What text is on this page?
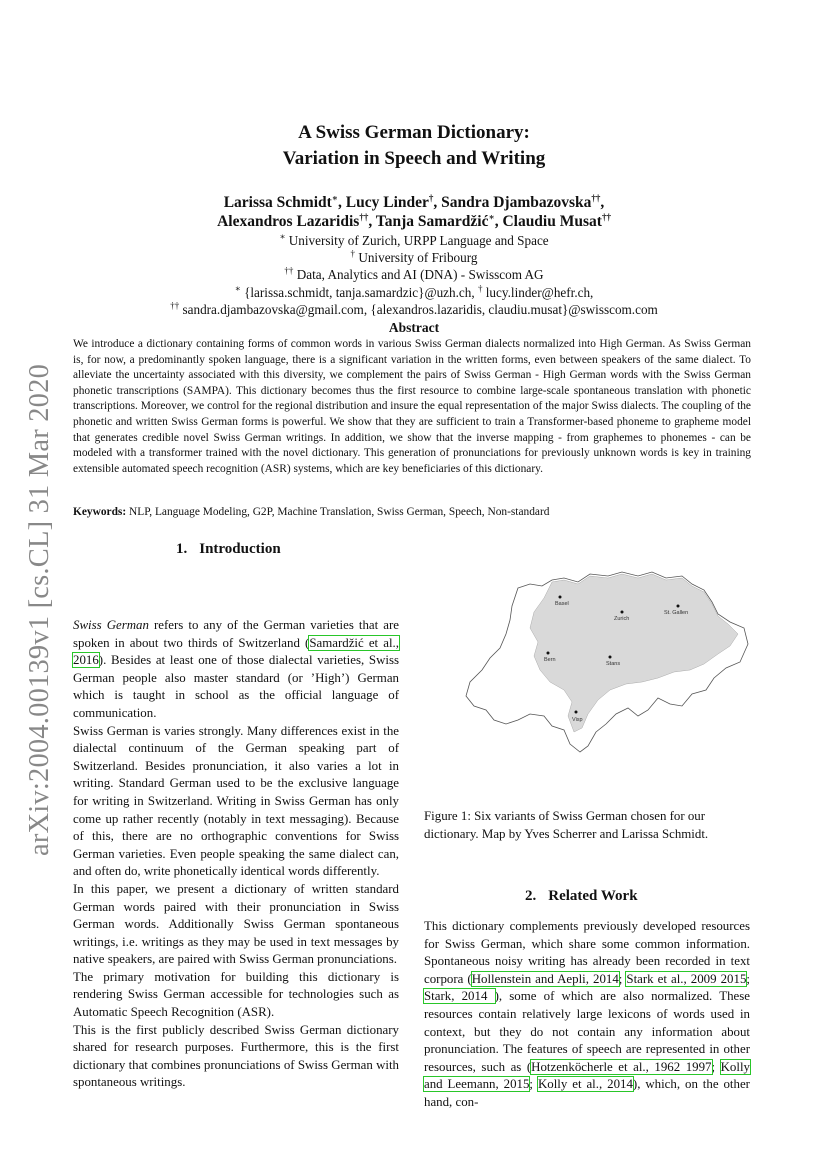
arXiv:2004.00139v1 [cs.CL] 31 Mar 2020
A Swiss German Dictionary:
Variation in Speech and Writing
Larissa Schmidt∗, Lucy Linder†, Sandra Djambazovska††,
Alexandros Lazaridis††, Tanja Samardžić∗, Claudiu Musat††
∗ University of Zurich, URPP Language and Space
† University of Fribourg
†† Data, Analytics and AI (DNA) - Swisscom AG
∗ {larissa.schmidt, tanja.samardzic}@uzh.ch, † lucy.linder@hefr.ch,
†† sandra.djambazovska@gmail.com, {alexandros.lazaridis, claudiu.musat}@swisscom.com
Abstract
We introduce a dictionary containing forms of common words in various Swiss German dialects normalized into High German. As Swiss German is, for now, a predominantly spoken language, there is a significant variation in the written forms, even between speakers of the same dialect. To alleviate the uncertainty associated with this diversity, we complement the pairs of Swiss German - High German words with the Swiss German phonetic transcriptions (SAMPA). This dictionary becomes thus the first resource to combine large-scale spontaneous translation with phonetic transcriptions. Moreover, we control for the regional distribution and insure the equal representation of the major Swiss dialects. The coupling of the phonetic and written Swiss German forms is powerful. We show that they are sufficient to train a Transformer-based phoneme to grapheme model that generates credible novel Swiss German writings. In addition, we show that the inverse mapping - from graphemes to phonemes - can be modeled with a transformer trained with the novel dictionary. This generation of pronunciations for previously unknown words is key in training extensible automated speech recognition (ASR) systems, which are key beneficiaries of this dictionary.
Keywords: NLP, Language Modeling, G2P, Machine Translation, Swiss German, Speech, Non-standard
1. Introduction

Swiss German refers to any of the German varieties that are spoken in about two thirds of Switzerland (Samardžić et al., 2016). Besides at least one of those dialectal varieties, Swiss German people also master standard (or ’High’) German which is taught in school as the official language of communication.

Swiss German is varies strongly. Many differences exist in the dialectal continuum of the German speaking part of Switzerland. Besides pronunciation, it also varies a lot in writing. Standard German used to be the exclusive language for writing in Switzerland. Writing in Swiss German has only come up rather recently (notably in text messaging). Because of this, there are no orthographic conventions for Swiss German varieties. Even people speaking the same dialect can, and often do, write phonetically identical words differently.

In this paper, we present a dictionary of written standard German words paired with their pronunciation in Swiss German words. Additionally Swiss German spontaneous writings, i.e. writings as they may be used in text messages by native speakers, are paired with Swiss German pronunciations.

The primary motivation for building this dictionary is rendering Swiss German accessible for technologies such as Automatic Speech Recognition (ASR).

This is the first publicly described Swiss German dictionary shared for research purposes. Furthermore, this is the first dictionary that combines pronunciations of Swiss German with spontaneous writings.

Basel
Zurich
St. Gallen
Bern
Stans
Visp
Figure 1: Six variants of Swiss German chosen for our dictionary. Map by Yves Scherrer and Larissa Schmidt.
2. Related Work

This dictionary complements previously developed resources for Swiss German, which share some common information. Spontaneous noisy writing has already been recorded in text corpora (Hollenstein and Aepli, 2014; Stark et al., 2009 2015; Stark, 2014 ), some of which are also normalized. These resources contain relatively large lexicons of words used in context, but they do not contain any information about pronunciation. The features of speech are represented in other resources, such as (Hotzenköcherle et al., 1962 1997; Kolly and Leemann, 2015; Kolly et al., 2014), which, on the other hand, con-
